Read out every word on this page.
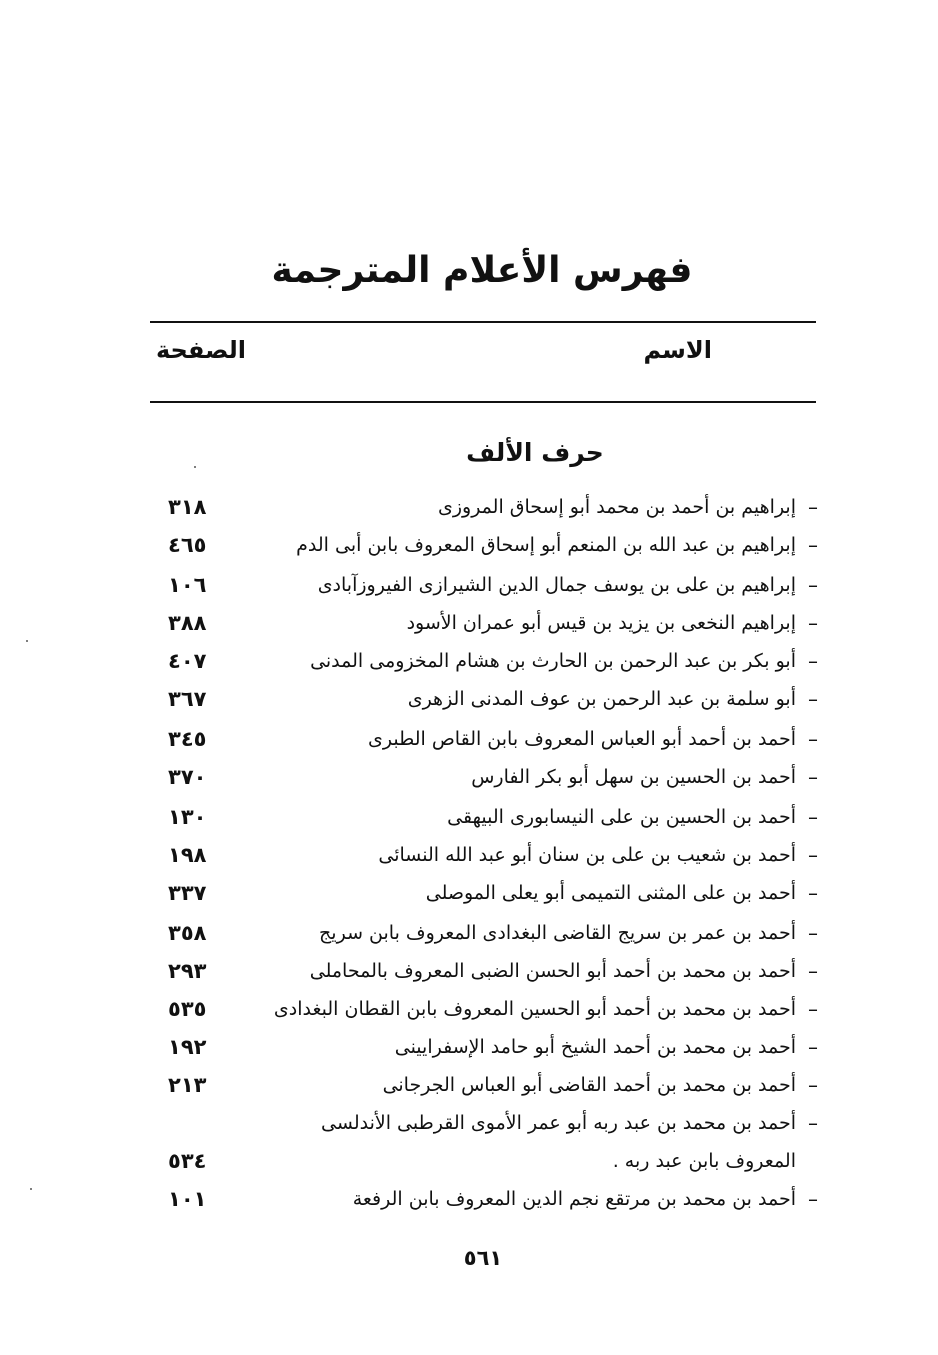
فهرس الأعلام المترجمة
الاسم
الصفحة
حرف الألف
–
إبراهيم بن أحمد بن محمد أبو إسحاق المروزى
٣١٨
–
إبراهيم بن عبد الله بن المنعم أبو إسحاق المعروف بابن أبى الدم
٤٦٥
–
إبراهيم بن على بن يوسف جمال الدين الشيرازى الفيروزآبادى
١٠٦
–
إبراهيم النخعى بن يزيد بن قيس أبو عمران الأسود
٣٨٨
–
أبو بكر بن عبد الرحمن بن الحارث بن هشام المخزومى المدنى
٤٠٧
–
أبو سلمة بن عبد الرحمن بن عوف المدنى الزهرى
٣٦٧
–
أحمد بن أحمد أبو العباس المعروف بابن القاص الطبرى
٣٤٥
–
أحمد بن الحسين بن سهل أبو بكر الفارس
٣٧٠
–
أحمد بن الحسين بن على النيسابورى البيهقى
١٣٠
–
أحمد بن شعيب بن على بن سنان أبو عبد الله النسائى
١٩٨
–
أحمد بن على المثنى التميمى أبو يعلى الموصلى
٣٣٧
–
أحمد بن عمر بن سريج القاضى البغدادى المعروف بابن سريج
٣٥٨
–
أحمد بن محمد بن أحمد أبو الحسن الضبى المعروف بالمحاملى
٢٩٣
–
أحمد بن محمد بن أحمد أبو الحسين المعروف بابن القطان البغدادى
٥٣٥
–
أحمد بن محمد بن أحمد الشيخ أبو حامد الإسفرايينى
١٩٢
–
أحمد بن محمد بن أحمد القاضى أبو العباس الجرجانى
٢١٣
–
أحمد بن محمد بن عبد ربه أبو عمر الأموى القرطبى الأندلسى
المعروف بابن عبد ربه .
٥٣٤
–
أحمد بن محمد بن مرتقع نجم الدين المعروف بابن الرفعة
١٠١
٥٦١
